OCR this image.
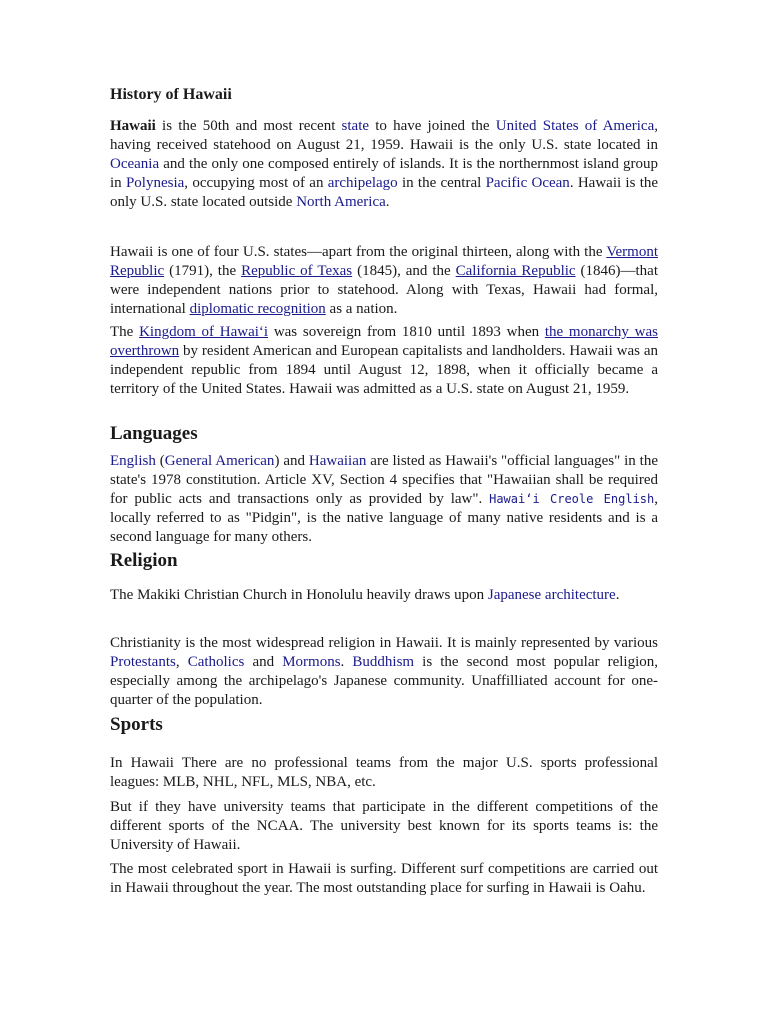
History of Hawaii

Hawaii is the 50th and most recent state to have joined the United States of America, having received statehood on August 21, 1959. Hawaii is the only U.S. state located in Oceania and the only one composed entirely of islands. It is the northernmost island group in Polynesia, occupying most of an archipelago in the central Pacific Ocean. Hawaii is the only U.S. state located outside North America.

Hawaii is one of four U.S. states—apart from the original thirteen, along with the Vermont Republic (1791), the Republic of Texas (1845), and the California Republic (1846)—that were independent nations prior to statehood. Along with Texas, Hawaii had formal, international diplomatic recognition as a nation.

The Kingdom of Hawaiʻi was sovereign from 1810 until 1893 when the monarchy was overthrown by resident American and European capitalists and landholders. Hawaii was an independent republic from 1894 until August 12, 1898, when it officially became a territory of the United States. Hawaii was admitted as a U.S. state on August 21, 1959.

Languages

English (General American) and Hawaiian are listed as Hawaii's "official languages" in the state's 1978 constitution. Article XV, Section 4 specifies that "Hawaiian shall be required for public acts and transactions only as provided by law". Hawaiʻi Creole English, locally referred to as "Pidgin", is the native language of many native residents and is a second language for many others.

Religion

The Makiki Christian Church in Honolulu heavily draws upon Japanese architecture.

Christianity is the most widespread religion in Hawaii. It is mainly represented by various Protestants, Catholics and Mormons. Buddhism is the second most popular religion, especially among the archipelago's Japanese community. Unaffilliated account for one-quarter of the population.

Sports

In Hawaii There are no professional teams from the major U.S. sports professional leagues: MLB, NHL, NFL, MLS, NBA, etc.

But if they have university teams that participate in the different competitions of the different sports of the NCAA. The university best known for its sports teams is: the University of Hawaii.

The most celebrated sport in Hawaii is surfing. Different surf competitions are carried out in Hawaii throughout the year. The most outstanding place for surfing in Hawaii is Oahu.
